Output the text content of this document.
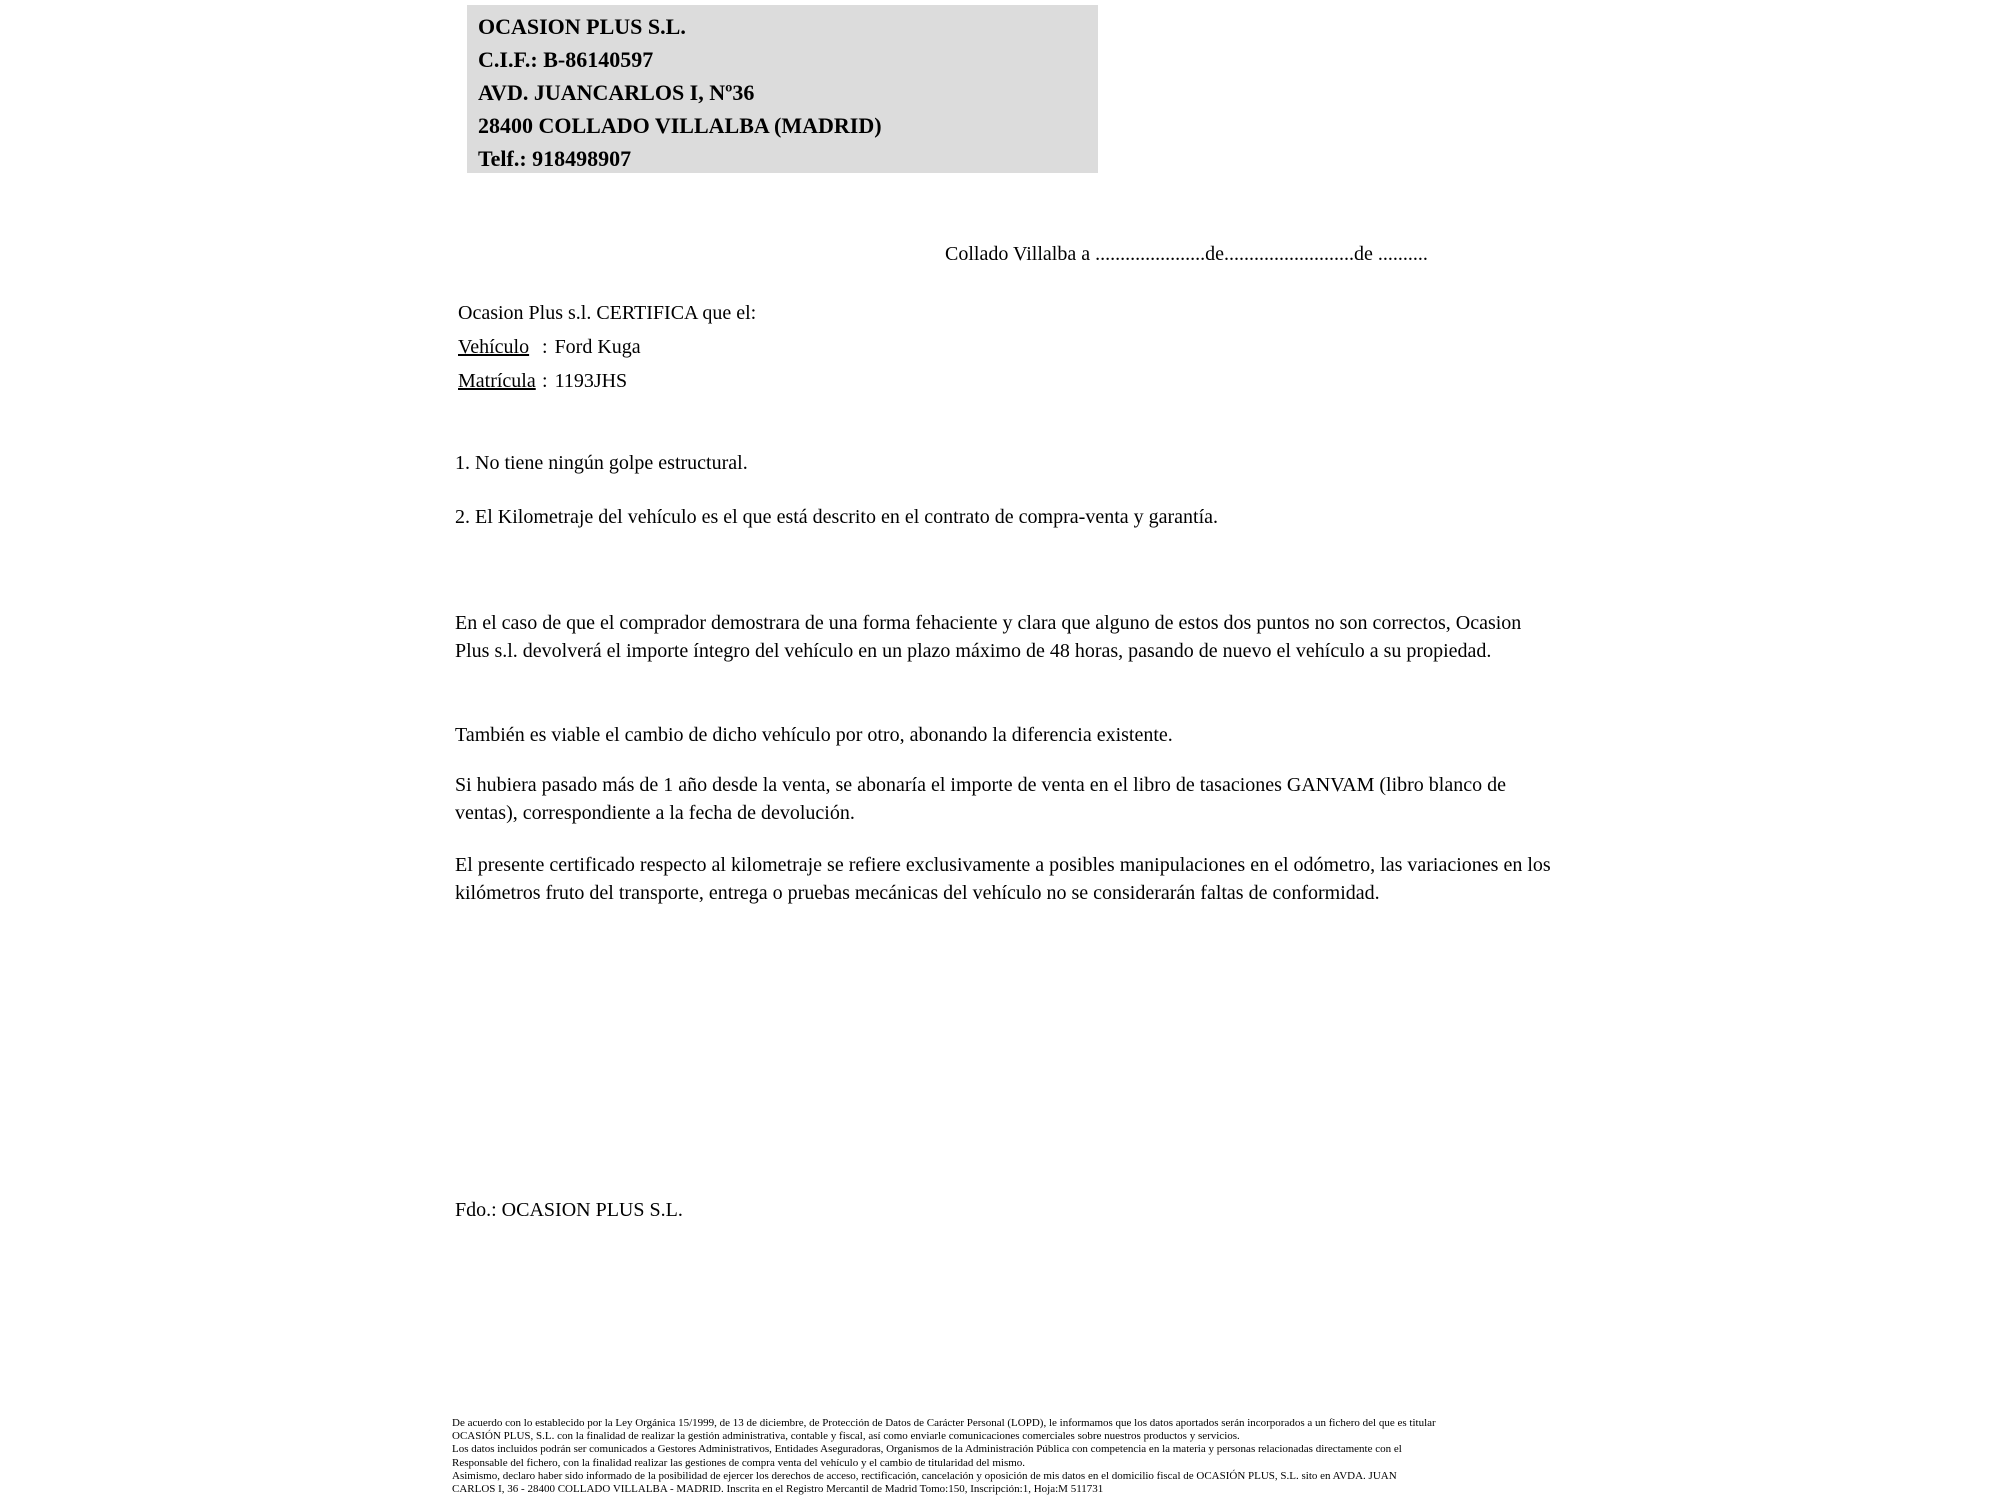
OCASION PLUS S.L.
C.I.F.: B-86140597
AVD. JUANCARLOS I, Nº36
28400 COLLADO VILLALBA (MADRID)
Telf.: 918498907
Collado Villalba a ......................de..........................de ..........
Ocasion Plus s.l. CERTIFICA que el:
Vehículo : Ford Kuga
Matrícula : 1193JHS
1. No tiene ningún golpe estructural.
2. El Kilometraje del vehículo es el que está descrito en el contrato de compra-venta y garantía.
En el caso de que el comprador demostrara de una forma fehaciente y clara que alguno de estos dos puntos no son correctos, Ocasion Plus s.l. devolverá el importe íntegro del vehículo en un plazo máximo de 48 horas, pasando de nuevo el vehículo a su propiedad.
También es viable el cambio de dicho vehículo por otro, abonando la diferencia existente.
Si hubiera pasado más de 1 año desde la venta, se abonaría el importe de venta en el libro de tasaciones GANVAM (libro blanco de ventas), correspondiente a la fecha de devolución.
El presente certificado respecto al kilometraje se refiere exclusivamente a posibles manipulaciones en el odómetro, las variaciones en los kilómetros fruto del transporte, entrega o pruebas mecánicas del vehículo no se considerarán faltas de conformidad.
Fdo.: OCASION PLUS S.L.
De acuerdo con lo establecido por la Ley Orgánica 15/1999, de 13 de diciembre, de Protección de Datos de Carácter Personal (LOPD), le informamos que los datos aportados serán incorporados a un fichero del que es titular
OCASIÓN PLUS, S.L. con la finalidad de realizar la gestión administrativa, contable y fiscal, así como enviarle comunicaciones comerciales sobre nuestros productos y servicios.
Los datos incluidos podrán ser comunicados a Gestores Administrativos, Entidades Aseguradoras, Organismos de la Administración Pública con competencia en la materia y personas relacionadas directamente con el
Responsable del fichero, con la finalidad realizar las gestiones de compra venta del vehículo y el cambio de titularidad del mismo.
Asimismo, declaro haber sido informado de la posibilidad de ejercer los derechos de acceso, rectificación, cancelación y oposición de mis datos en el domicilio fiscal de OCASIÓN PLUS, S.L. sito en AVDA. JUAN
CARLOS I, 36 - 28400 COLLADO VILLALBA - MADRID. Inscrita en el Registro Mercantil de Madrid Tomo:150, Inscripción:1, Hoja:M 511731
